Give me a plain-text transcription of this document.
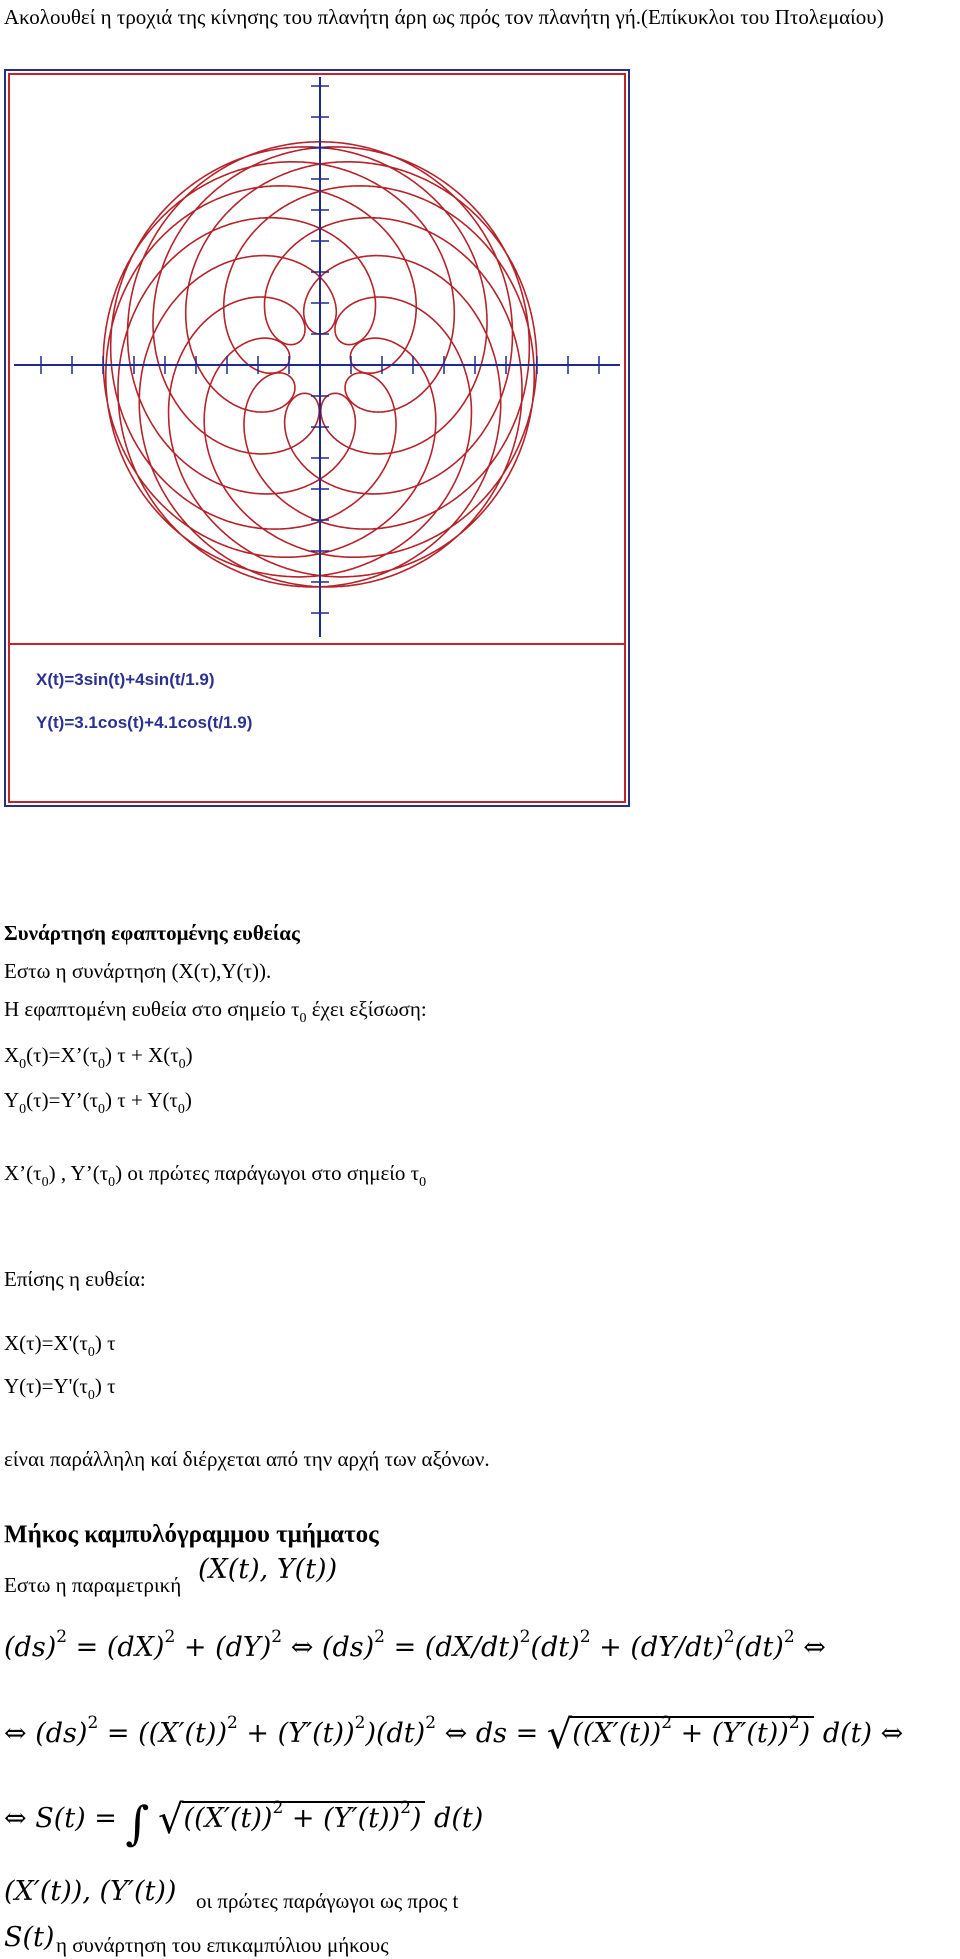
Ακολουθεί η τροχιά της κίνησης του πλανήτη άρη ως πρός τον πλανήτη γή.(Επίκυκλοι του Πτολεμαίου)
X(t)=3sin(t)+4sin(t/1.9)
Y(t)=3.1cos(t)+4.1cos(t/1.9)
Συνάρτηση εφαπτομένης ευθείας
Εστω η συνάρτηση (Χ(τ),Υ(τ)).
Η εφαπτομένη ευθεία στο σημείο $\tau_0$ έχει εξίσωση:
$X_0(\tau)=X’(\tau_0) \tau + X(\tau_0)$
$\Upsilon_0(\tau)=\Upsilon’(\tau_0) \tau + \Upsilon(\tau_0)$
$X’(\tau_0)$ , $\Upsilon’(\tau_0)$ οι πρώτες παράγωγοι στο σημείο $\tau_0$
Επίσης η ευθεία:
$X(\tau)=X'(\tau_0)$ τ
$\Upsilon(\tau)=\Upsilon'(\tau_0)$ τ
είναι παράλληλη καί διέρχεται από την αρχή των αξόνων.
Μήκος καμπυλόγραμμου τμήματος
Εστω η παραμετρική (X(t), Y(t))
(ds)$^2$ = (dX)$^2$ + (dY)$^2$ ⇔ $(ds)^2 = (dX/dt)^2(dt)^2 + (dY/dt)^2(dt)^2$ ⇔
⇔ $(ds)^2 = ((X'(t))^2 + (Y'(t))^2)(dt)^2$ ⇔ ds = $√((X'(t))^2 + (Y'(t))^2)$ d(t) ⇔
⇔ S(t) = ∫ $√((X'(t))^2 + (Y'(t))^2)$ d(t)
(X′(t)), (Y′(t)) οι πρώτες παράγωγοι ως προς t
S(t) η συνάρτηση του επικαμπύλιου μήκους
